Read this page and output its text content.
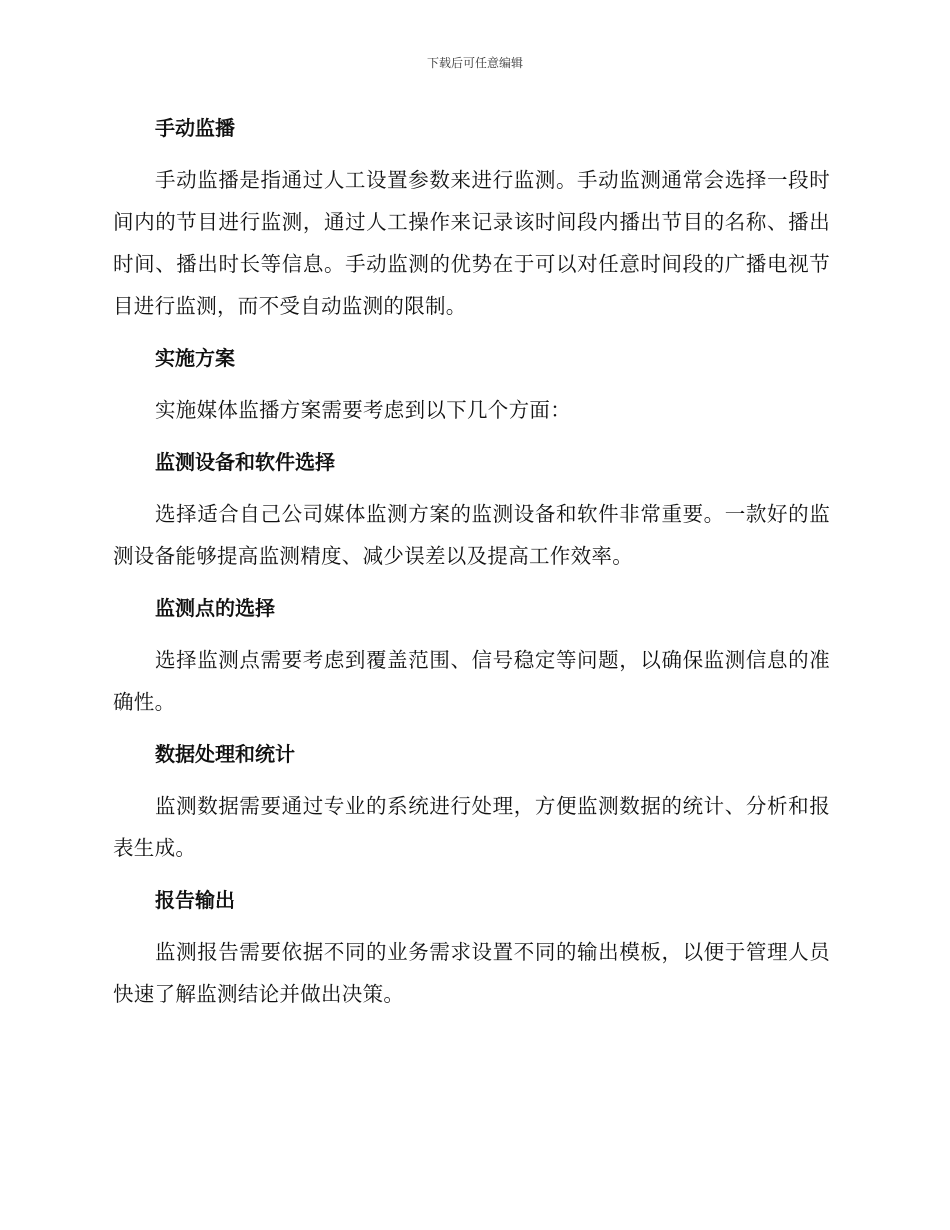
下载后可任意编辑
手动监播

手动监播是指通过人工设置参数来进行监测。手动监测通常会选择一段时间内的节目进行监测，通过人工操作来记录该时间段内播出节目的名称、播出时间、播出时长等信息。手动监测的优势在于可以对任意时间段的广播电视节目进行监测，而不受自动监测的限制。

实施方案

实施媒体监播方案需要考虑到以下几个方面：

监测设备和软件选择

选择适合自己公司媒体监测方案的监测设备和软件非常重要。一款好的监测设备能够提高监测精度、减少误差以及提高工作效率。

监测点的选择

选择监测点需要考虑到覆盖范围、信号稳定等问题，以确保监测信息的准确性。

数据处理和统计

监测数据需要通过专业的系统进行处理，方便监测数据的统计、分析和报表生成。

报告输出

监测报告需要依据不同的业务需求设置不同的输出模板，以便于管理人员快速了解监测结论并做出决策。
